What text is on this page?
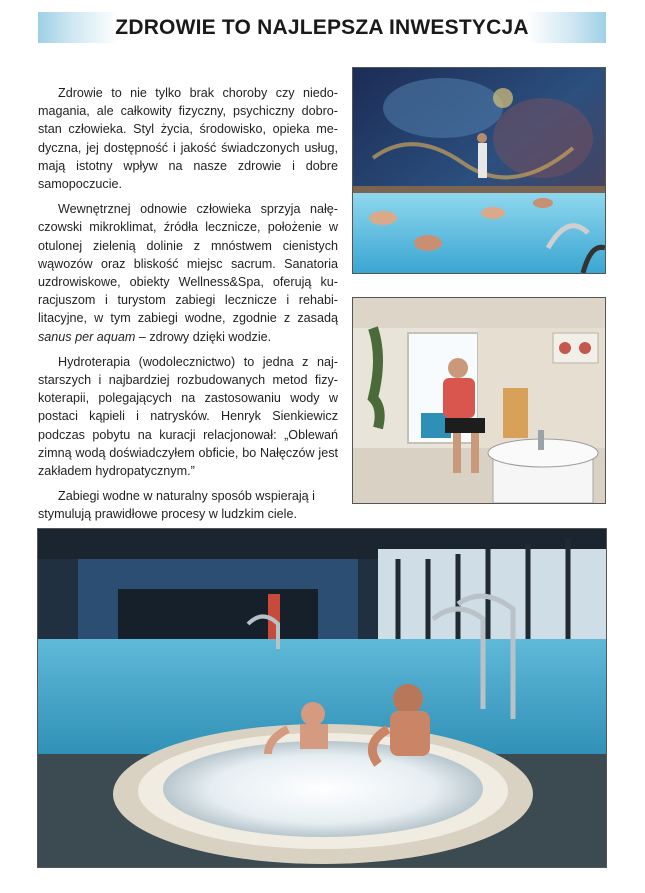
ZDROWIE TO NAJLEPSZA INWESTYCJA

Zdrowie to nie tylko brak choroby czy niedomagania, ale całkowity fizyczny, psychiczny dobrostan człowieka. Styl życia, środowisko, opieka medyczna, jej dostępność i jakość świadczonych usług, mają istotny wpływ na nasze zdrowie i dobre samopoczucie.

Wewnętrznej odnowie człowieka sprzyja nałęczowski mikroklimat, źródła lecznicze, położenie w otulonej zielenią dolinie z mnóstwem cienistych wąwozów oraz bliskość miejsc sacrum. Sanatoria uzdrowiskowe, obiekty Wellness&Spa, oferują kuracjuszom i turystom zabiegi lecznicze i rehabilitacyjne, w tym zabiegi wodne, zgodnie z zasadą sanus per aquam – zdrowy dzięki wodzie.

Hydroterapia (wodolecznictwo) to jedna z najstarszych i najbardziej rozbudowanych metod fizykoterapii, polegających na zastosowaniu wody w postaci kąpieli i natrysków. Henryk Sienkiewicz podczas pobytu na kuracji relacjonował: „Oblewań zimną wodą doświadczyłem obficie, bo Nałęczów jest zakładem hydropatycznym.”

Zabiegi wodne w naturalny sposób wspierają i stymulują prawidłowe procesy w ludzkim ciele.
